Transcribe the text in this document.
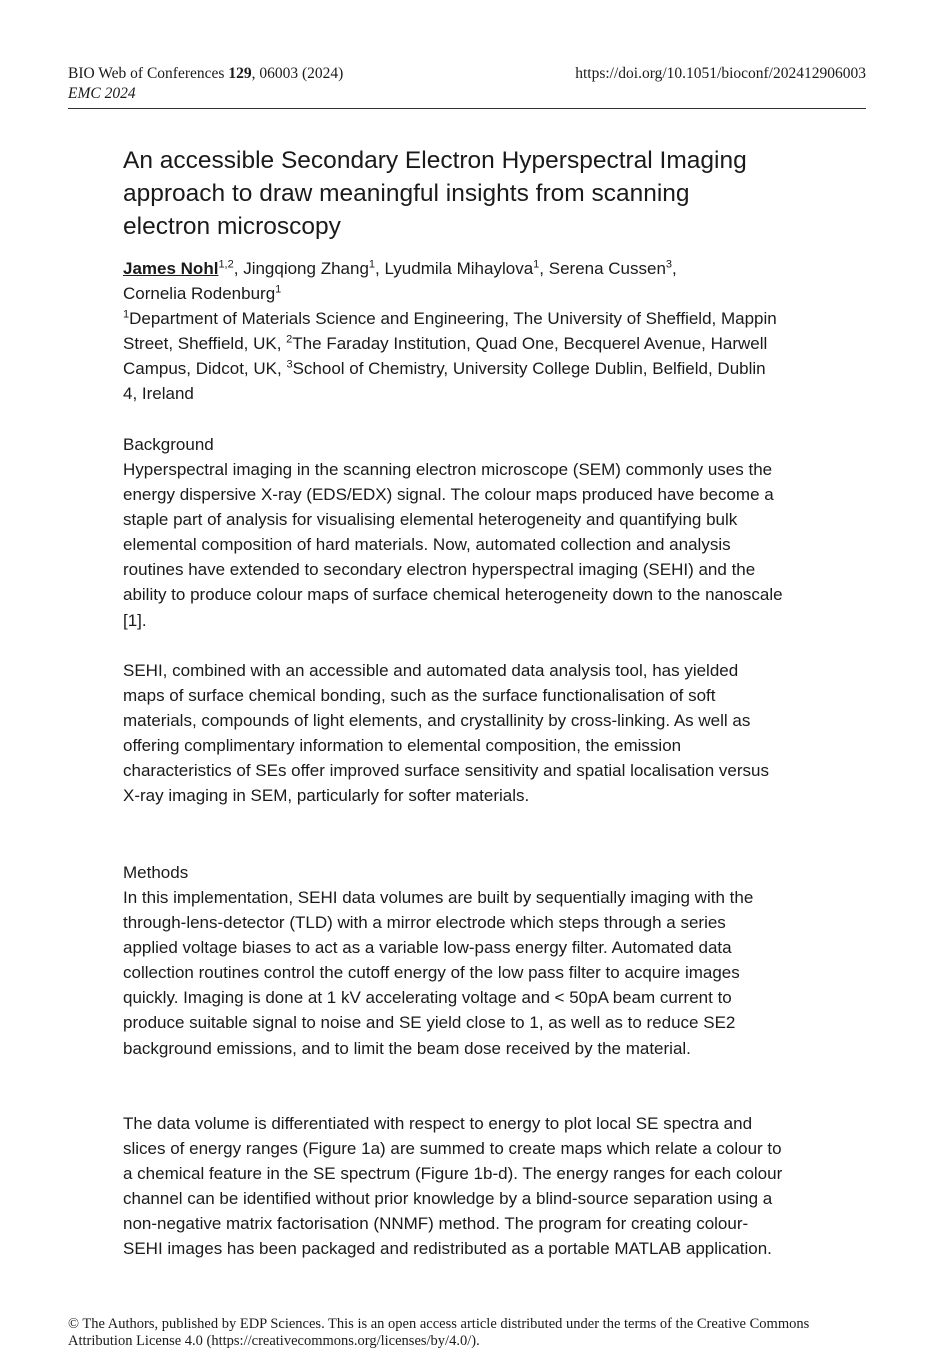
BIO Web of Conferences 129, 06003 (2024)	https://doi.org/10.1051/bioconf/202412906003
EMC 2024
An accessible Secondary Electron Hyperspectral Imaging approach to draw meaningful insights from scanning electron microscopy
James Nohl$^{1,2}$, Jingqiong Zhang$^1$, Lyudmila Mihaylova$^1$, Serena Cussen$^3$,
Cornelia Rodenburg$^1$
$^1$Department of Materials Science and Engineering, The University of Sheffield, Mappin Street, Sheffield, UK, $^2$The Faraday Institution, Quad One, Becquerel Avenue, Harwell Campus, Didcot, UK, $^3$School of Chemistry, University College Dublin, Belfield, Dublin 4, Ireland
Background

Hyperspectral imaging in the scanning electron microscope (SEM) commonly uses the energy dispersive X-ray (EDS/EDX) signal. The colour maps produced have become a staple part of analysis for visualising elemental heterogeneity and quantifying bulk elemental composition of hard materials. Now, automated collection and analysis routines have extended to secondary electron hyperspectral imaging (SEHI) and the ability to produce colour maps of surface chemical heterogeneity down to the nanoscale [1].

SEHI, combined with an accessible and automated data analysis tool, has yielded maps of surface chemical bonding, such as the surface functionalisation of soft materials, compounds of light elements, and crystallinity by cross-linking. As well as offering complimentary information to elemental composition, the emission characteristics of SEs offer improved surface sensitivity and spatial localisation versus X-ray imaging in SEM, particularly for softer materials.

Methods

In this implementation, SEHI data volumes are built by sequentially imaging with the through-lens-detector (TLD) with a mirror electrode which steps through a series applied voltage biases to act as a variable low-pass energy filter. Automated data collection routines control the cutoff energy of the low pass filter to acquire images quickly. Imaging is done at 1 kV accelerating voltage and < 50pA beam current to produce suitable signal to noise and SE yield close to 1, as well as to reduce SE2 background emissions, and to limit the beam dose received by the material.

The data volume is differentiated with respect to energy to plot local SE spectra and slices of energy ranges (Figure 1a) are summed to create maps which relate a colour to a chemical feature in the SE spectrum (Figure 1b-d). The energy ranges for each colour channel can be identified without prior knowledge by a blind-source separation using a non-negative matrix factorisation (NNMF) method. The program for creating colour-SEHI images has been packaged and redistributed as a portable MATLAB application.

© The Authors, published by EDP Sciences. This is an open access article distributed under the terms of the Creative Commons Attribution License 4.0 (https://creativecommons.org/licenses/by/4.0/).
